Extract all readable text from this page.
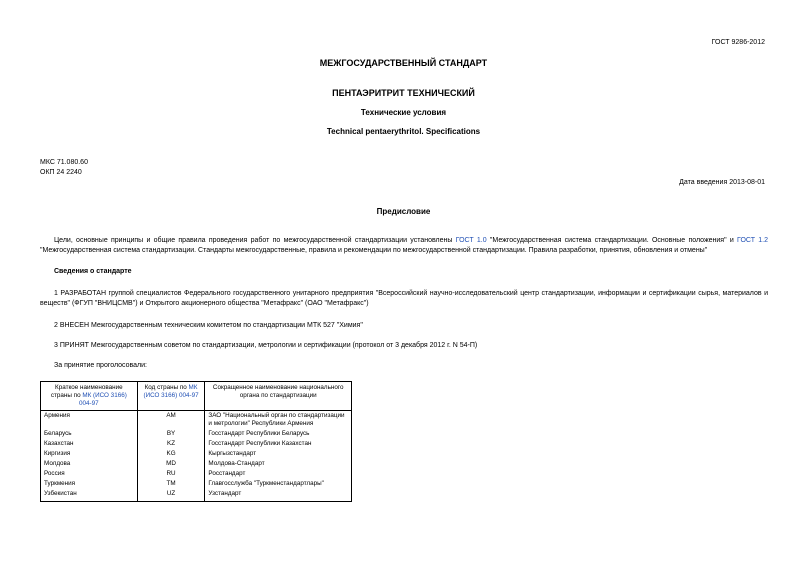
ГОСТ 9286-2012
МЕЖГОСУДАРСТВЕННЫЙ СТАНДАРТ
ПЕНТАЭРИТРИТ ТЕХНИЧЕСКИЙ
Технические условия
Technical pentaerythritol. Specifications
МКС 71.080.60
ОКП 24 2240
Дата введения 2013-08-01
Предисловие
Цели, основные принципы и общие правила проведения работ по межгосударственной стандартизации установлены ГОСТ 1.0 "Межгосударственная система стандартизации. Основные положения" и ГОСТ 1.2 "Межгосударственная система стандартизации. Стандарты межгосударственные, правила и рекомендации по межгосударственной стандартизации. Правила разработки, принятия, обновления и отмены"
Сведения о стандарте
1 РАЗРАБОТАН группой специалистов Федерального государственного унитарного предприятия "Всероссийский научно-исследовательский центр стандартизации, информации и сертификации сырья, материалов и веществ" (ФГУП "ВНИЦСМВ") и Открытого акционерного общества "Метафракс" (ОАО "Метафракс")
2 ВНЕСЕН Межгосударственным техническим комитетом по стандартизации МТК 527 "Химия"
3 ПРИНЯТ Межгосударственным советом по стандартизации, метрологии и сертификации (протокол от 3 декабря 2012 г. N 54-П)
За принятие проголосовали:
Краткое наименование страны по МК (ИСО 3166) 004-97	Код страны по МК (ИСО 3166) 004-97	Сокращенное наименование национального органа по стандартизации
Армения	AM	ЗАО "Национальный орган по стандартизации и метрологии" Республики Армения
Беларусь	BY	Госстандарт Республики Беларусь
Казахстан	KZ	Госстандарт Республики Казахстан
Киргизия	KG	Кыргызстандарт
Молдова	MD	Молдова-Стандарт
Россия	RU	Росстандарт
Туркмения	TM	Главгосслужба "Туркменстандартлары"
Узбекистан	UZ	Узстандарт
